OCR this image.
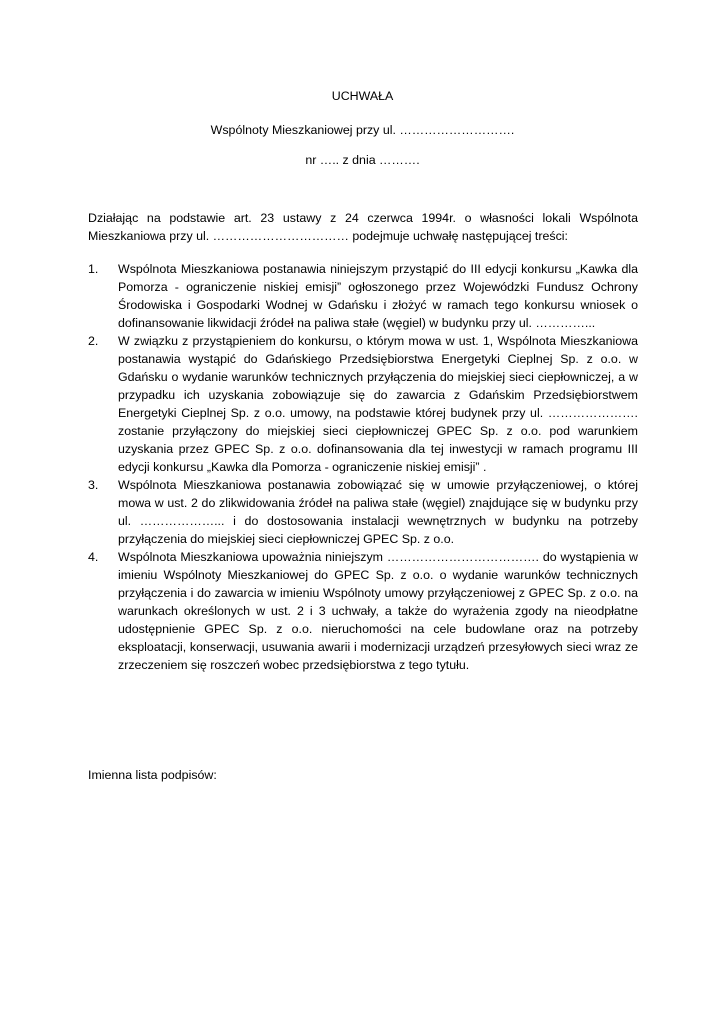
UCHWAŁA
Wspólnoty Mieszkaniowej przy ul. ……………………….
nr ….. z dnia ……….

Działając na podstawie art. 23 ustawy z 24 czerwca 1994r. o własności lokali Wspólnota Mieszkaniowa przy ul. …………………………… podejmuje uchwałę następującej treści:

1. Wspólnota Mieszkaniowa postanawia niniejszym przystąpić do III edycji konkursu „Kawka dla Pomorza - ograniczenie niskiej emisji” ogłoszonego przez Wojewódzki Fundusz Ochrony Środowiska i Gospodarki Wodnej w Gdańsku i złożyć w ramach tego konkursu wniosek o dofinansowanie likwidacji źródeł na paliwa stałe (węgiel) w budynku przy ul. …………...
2. W związku z przystąpieniem do konkursu, o którym mowa w ust. 1, Wspólnota Mieszkaniowa postanawia wystąpić do Gdańskiego Przedsiębiorstwa Energetyki Cieplnej Sp. z o.o. w Gdańsku o wydanie warunków technicznych przyłączenia do miejskiej sieci ciepłowniczej, a w przypadku ich uzyskania zobowiązuje się do zawarcia z Gdańskim Przedsiębiorstwem Energetyki Cieplnej Sp. z o.o. umowy, na podstawie której budynek przy ul. …………………. zostanie przyłączony do miejskiej sieci ciepłowniczej GPEC Sp. z o.o. pod warunkiem uzyskania przez GPEC Sp. z o.o. dofinansowania dla tej inwestycji w ramach programu III edycji konkursu „Kawka dla Pomorza - ograniczenie niskiej emisji” .
3. Wspólnota Mieszkaniowa postanawia zobowiązać się w umowie przyłączeniowej, o której mowa w ust. 2 do zlikwidowania źródeł na paliwa stałe (węgiel) znajdujące się w budynku przy ul. ………………... i do dostosowania instalacji wewnętrznych w budynku na potrzeby przyłączenia do miejskiej sieci ciepłowniczej GPEC Sp. z o.o.
4. Wspólnota Mieszkaniowa upoważnia niniejszym ………………………………. do wystąpienia w imieniu Wspólnoty Mieszkaniowej do GPEC Sp. z o.o. o wydanie warunków technicznych przyłączenia i do zawarcia w imieniu Wspólnoty umowy przyłączeniowej z GPEC Sp. z o.o. na warunkach określonych w ust. 2 i 3 uchwały, a także do wyrażenia zgody na nieodpłatne udostępnienie GPEC Sp. z o.o. nieruchomości na cele budowlane oraz na potrzeby eksploatacji, konserwacji, usuwania awarii i modernizacji urządzeń przesyłowych sieci wraz ze zrzeczeniem się roszczeń wobec przedsiębiorstwa z tego tytułu.
Imienna lista podpisów:
